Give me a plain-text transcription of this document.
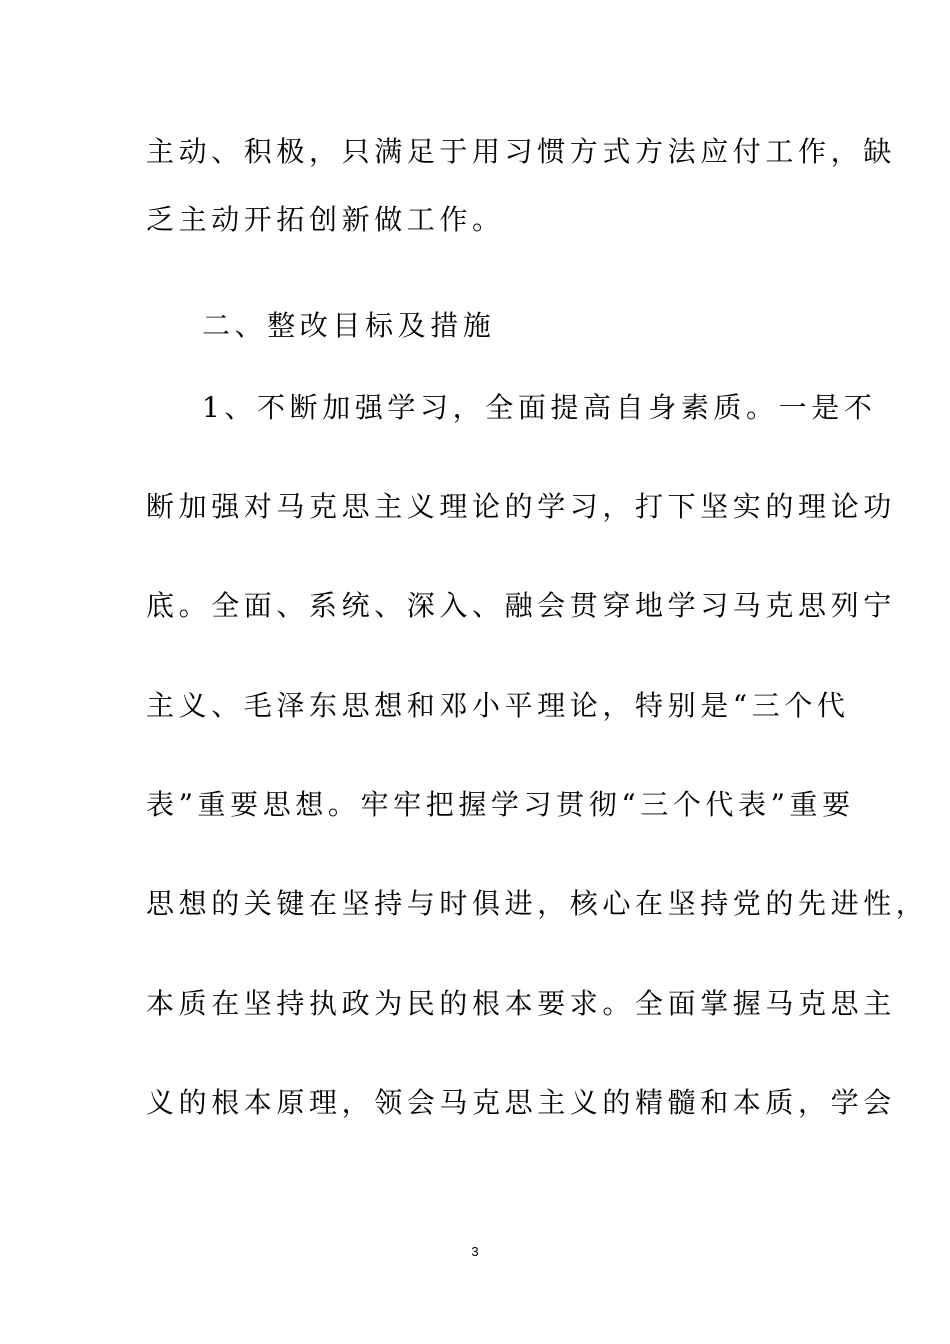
主动、积极，只满足于用习惯方式方法应付工作，缺

乏主动开拓创新做工作。

二、整改目标及措施

1、不断加强学习，全面提高自身素质。一是不

断加强对马克思主义理论的学习，打下坚实的理论功

底。全面、系统、深入、融会贯穿地学习马克思列宁

主义、毛泽东思想和邓小平理论，特别是“三个代

表”重要思想。牢牢把握学习贯彻“三个代表”重要

思想的关键在坚持与时俱进，核心在坚持党的先进性，

本质在坚持执政为民的根本要求。全面掌握马克思主

义的根本原理，领会马克思主义的精髓和本质，学会

3
